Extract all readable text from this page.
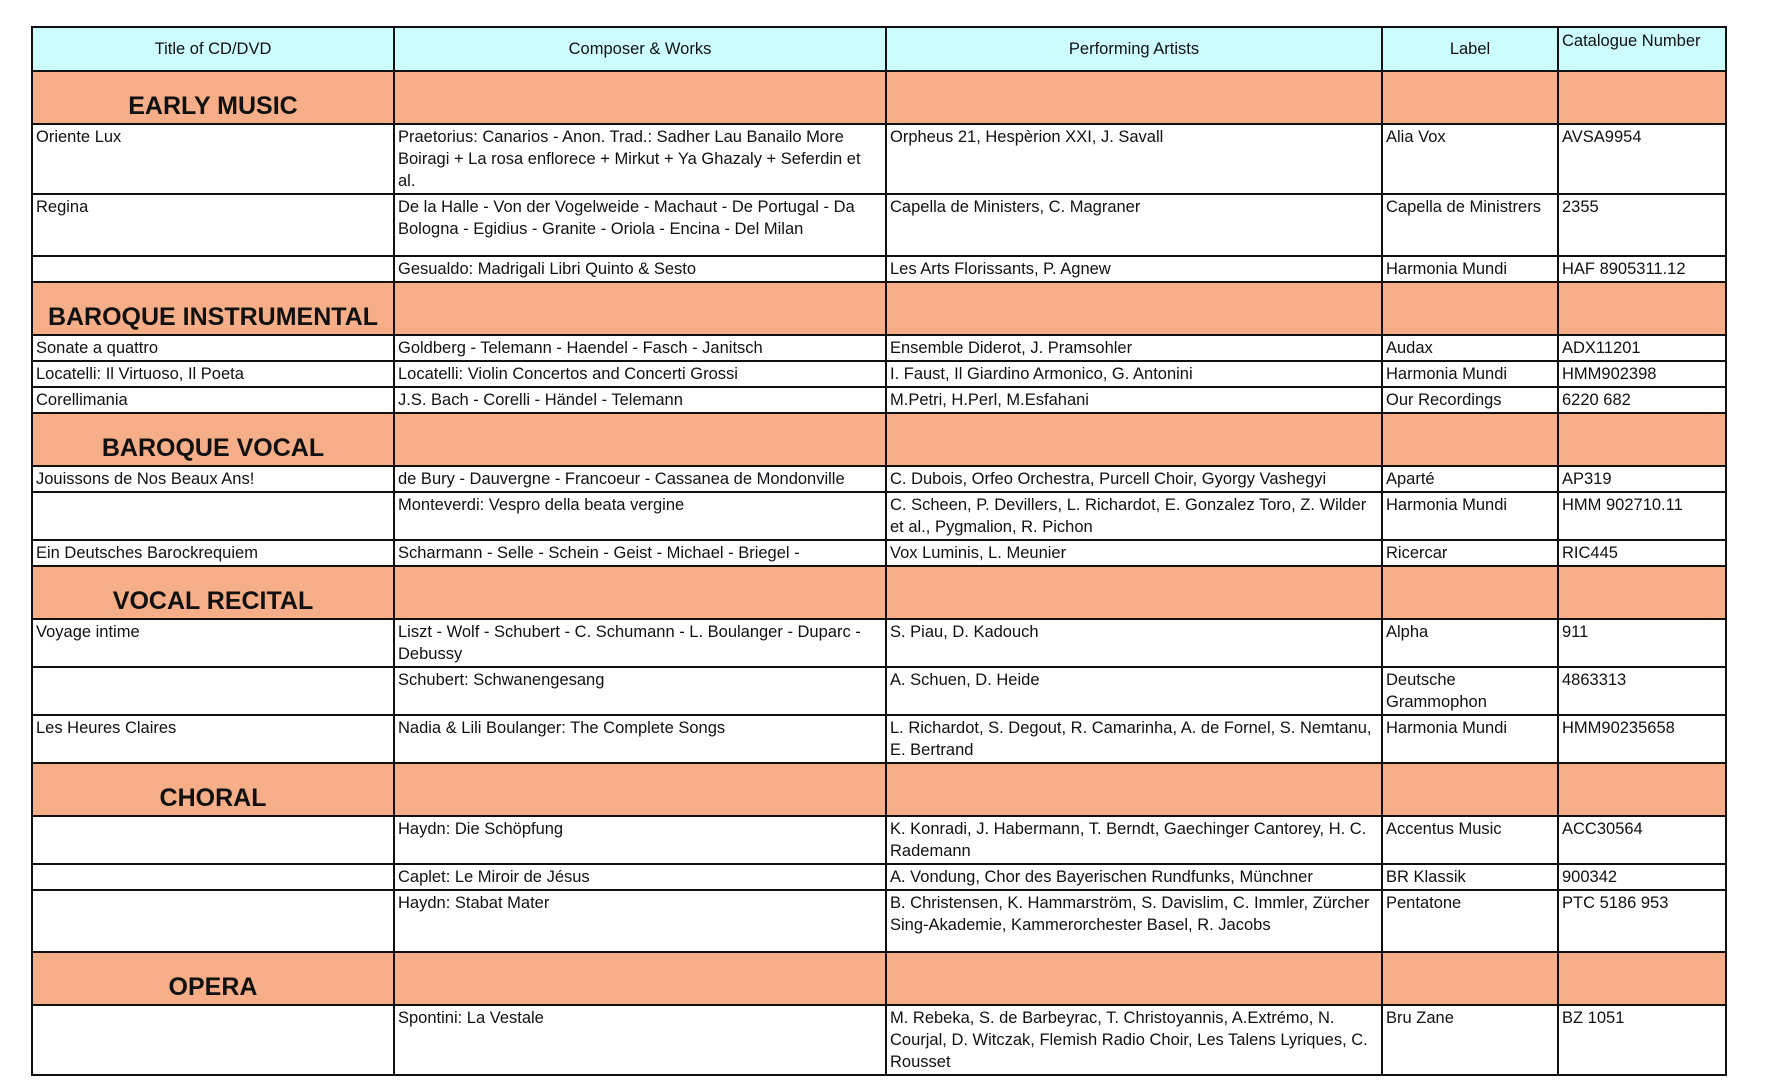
Title of CD/DVD	Composer & Works	Performing Artists	Label	Catalogue Number
EARLY MUSIC				
Oriente Lux	Praetorius: Canarios - Anon. Trad.: Sadher Lau Banailo More Boiragi + La rosa enflorece + Mirkut + Ya Ghazaly + Seferdin et al.	Orpheus 21, Hespèrion XXI, J. Savall	Alia Vox	AVSA9954
Regina	De la Halle - Von der Vogelweide - Machaut - De Portugal - Da Bologna - Egidius - Granite - Oriola - Encina - Del Milan	Capella de Ministers, C. Magraner	Capella de Ministrers	2355
	Gesualdo: Madrigali Libri Quinto & Sesto	Les Arts Florissants, P. Agnew	Harmonia Mundi	HAF 8905311.12
BAROQUE INSTRUMENTAL				
Sonate a quattro	Goldberg - Telemann - Haendel - Fasch - Janitsch	Ensemble Diderot, J. Pramsohler	Audax	ADX11201
Locatelli: Il Virtuoso, Il Poeta	Locatelli: Violin Concertos and Concerti Grossi	I. Faust, Il Giardino Armonico, G. Antonini	Harmonia Mundi	HMM902398
Corellimania	J.S. Bach - Corelli - Händel - Telemann	M.Petri, H.Perl, M.Esfahani	Our Recordings	6220 682
BAROQUE VOCAL				
Jouissons de Nos Beaux Ans!	de Bury - Dauvergne - Francoeur - Cassanea de Mondonville	C. Dubois, Orfeo Orchestra, Purcell Choir, Gyorgy Vashegyi	Aparté	AP319
	Monteverdi: Vespro della beata vergine	C. Scheen, P. Devillers, L. Richardot, E. Gonzalez Toro, Z. Wilder et al., Pygmalion, R. Pichon	Harmonia Mundi	HMM 902710.11
Ein Deutsches Barockrequiem	Scharmann - Selle - Schein - Geist - Michael - Briegel -	Vox Luminis, L. Meunier	Ricercar	RIC445
VOCAL RECITAL				
Voyage intime	Liszt - Wolf - Schubert - C. Schumann - L. Boulanger - Duparc - Debussy	S. Piau, D. Kadouch	Alpha	911
	Schubert: Schwanengesang	A. Schuen, D. Heide	Deutsche Grammophon	4863313
Les Heures Claires	Nadia & Lili Boulanger: The Complete Songs	L. Richardot, S. Degout, R. Camarinha, A. de Fornel, S. Nemtanu, E. Bertrand	Harmonia Mundi	HMM90235658
CHORAL				
	Haydn: Die Schöpfung	K. Konradi, J. Habermann, T. Berndt, Gaechinger Cantorey, H. C. Rademann	Accentus Music	ACC30564
	Caplet: Le Miroir de Jésus	A. Vondung, Chor des Bayerischen Rundfunks, Münchner	BR Klassik	900342
	Haydn: Stabat Mater	B. Christensen, K. Hammarström, S. Davislim, C. Immler, Zürcher Sing-Akademie, Kammerorchester Basel, R. Jacobs	Pentatone	PTC 5186 953
OPERA				
	Spontini: La Vestale	M. Rebeka, S. de Barbeyrac, T. Christoyannis, A.Extrémo, N. Courjal, D. Witczak, Flemish Radio Choir, Les Talens Lyriques, C. Rousset	Bru Zane	BZ 1051
